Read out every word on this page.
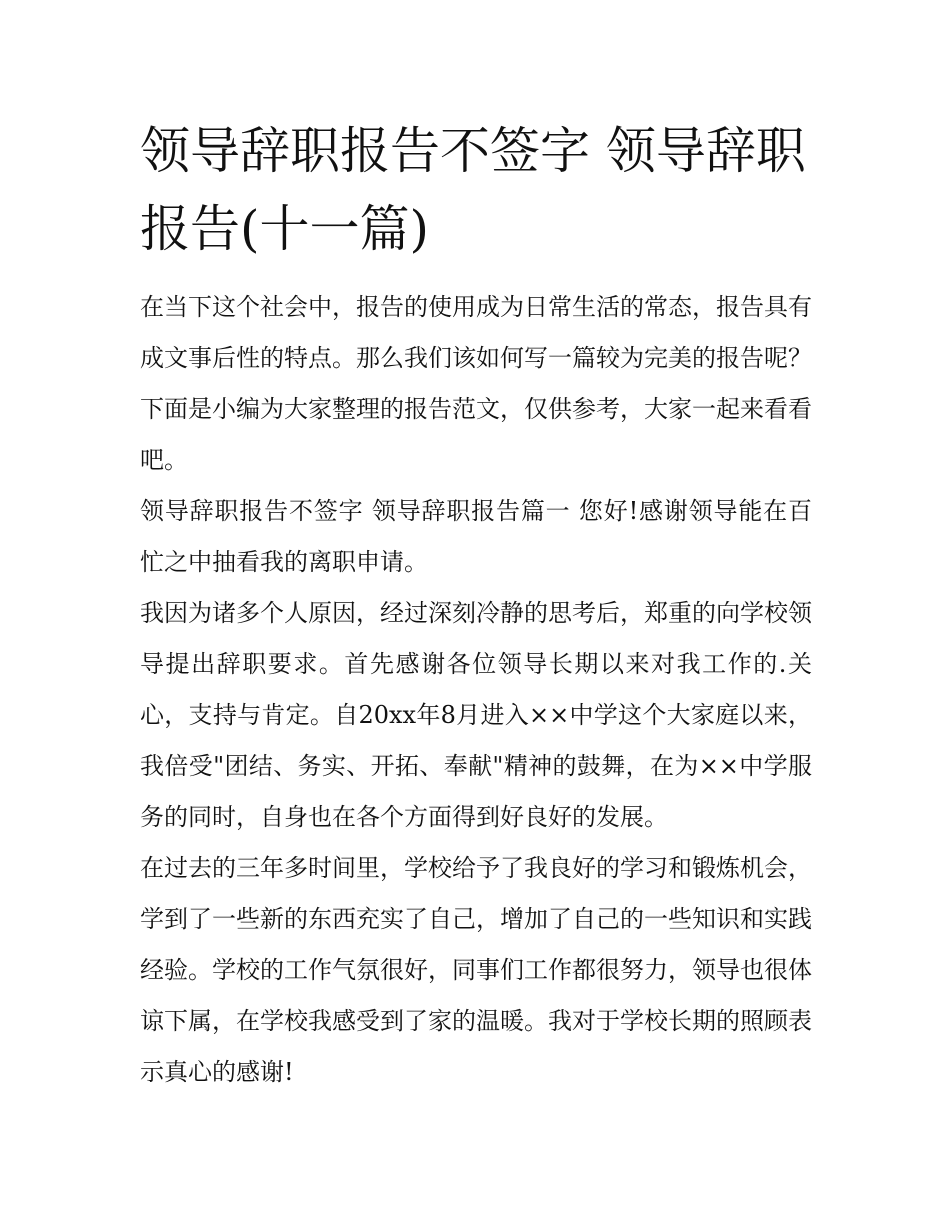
领导辞职报告不签字 领导辞职报告(十一篇)

在当下这个社会中，报告的使用成为日常生活的常态，报告具有成文事后性的特点。那么我们该如何写一篇较为完美的报告呢？下面是小编为大家整理的报告范文，仅供参考，大家一起来看看吧。

领导辞职报告不签字 领导辞职报告篇一 您好!感谢领导能在百忙之中抽看我的离职申请。

我因为诸多个人原因，经过深刻冷静的思考后，郑重的向学校领导提出辞职要求。首先感谢各位领导长期以来对我工作的.关心，支持与肯定。自20xx年8月进入××中学这个大家庭以来，我倍受"团结、务实、开拓、奉献"精神的鼓舞，在为××中学服务的同时，自身也在各个方面得到好良好的发展。

在过去的三年多时间里，学校给予了我良好的学习和锻炼机会，学到了一些新的东西充实了自己，增加了自己的一些知识和实践经验。学校的工作气氛很好，同事们工作都很努力，领导也很体谅下属，在学校我感受到了家的温暖。我对于学校长期的照顾表示真心的感谢!
